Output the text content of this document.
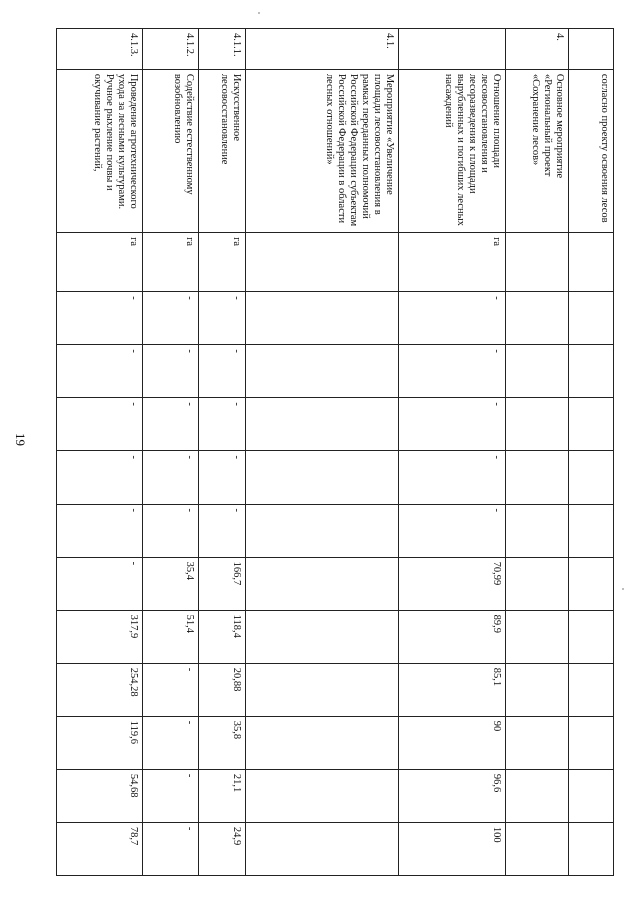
19
	согласно проекту освоения лесов												
4.	Основное мероприятие «Региональный проект «Сохранение лесов»												
	Отношение площади лесовосстановления и лесоразведения к площади вырубленных и погибших лесных насаждений	га	-	-	-	-	-	70,99	89,9	85,1	90	96,6	100
4.1.	Мероприятие «Увеличение площади лесовосстановления в рамках переданных полномочий Российской Федерации субъектам Российской Федерации в области лесных отношений»												
4.1.1.	Искусственное лесовосстановление	га	-	-	-	-	-	166,7	118,4	20,88	35,8	21,1	24,9
4.1.2.	Содействие естественному возобновлению	га	-	-	-	-	-	35,4	51,4	-	-	-	-
4.1.3.	Проведение агротехнического ухода за лесными культурами. Ручное рыхление почвы и окучивание растений,	га	-	-	-	-	-	-	317,9	254,28	119,6	54,68	78,7
